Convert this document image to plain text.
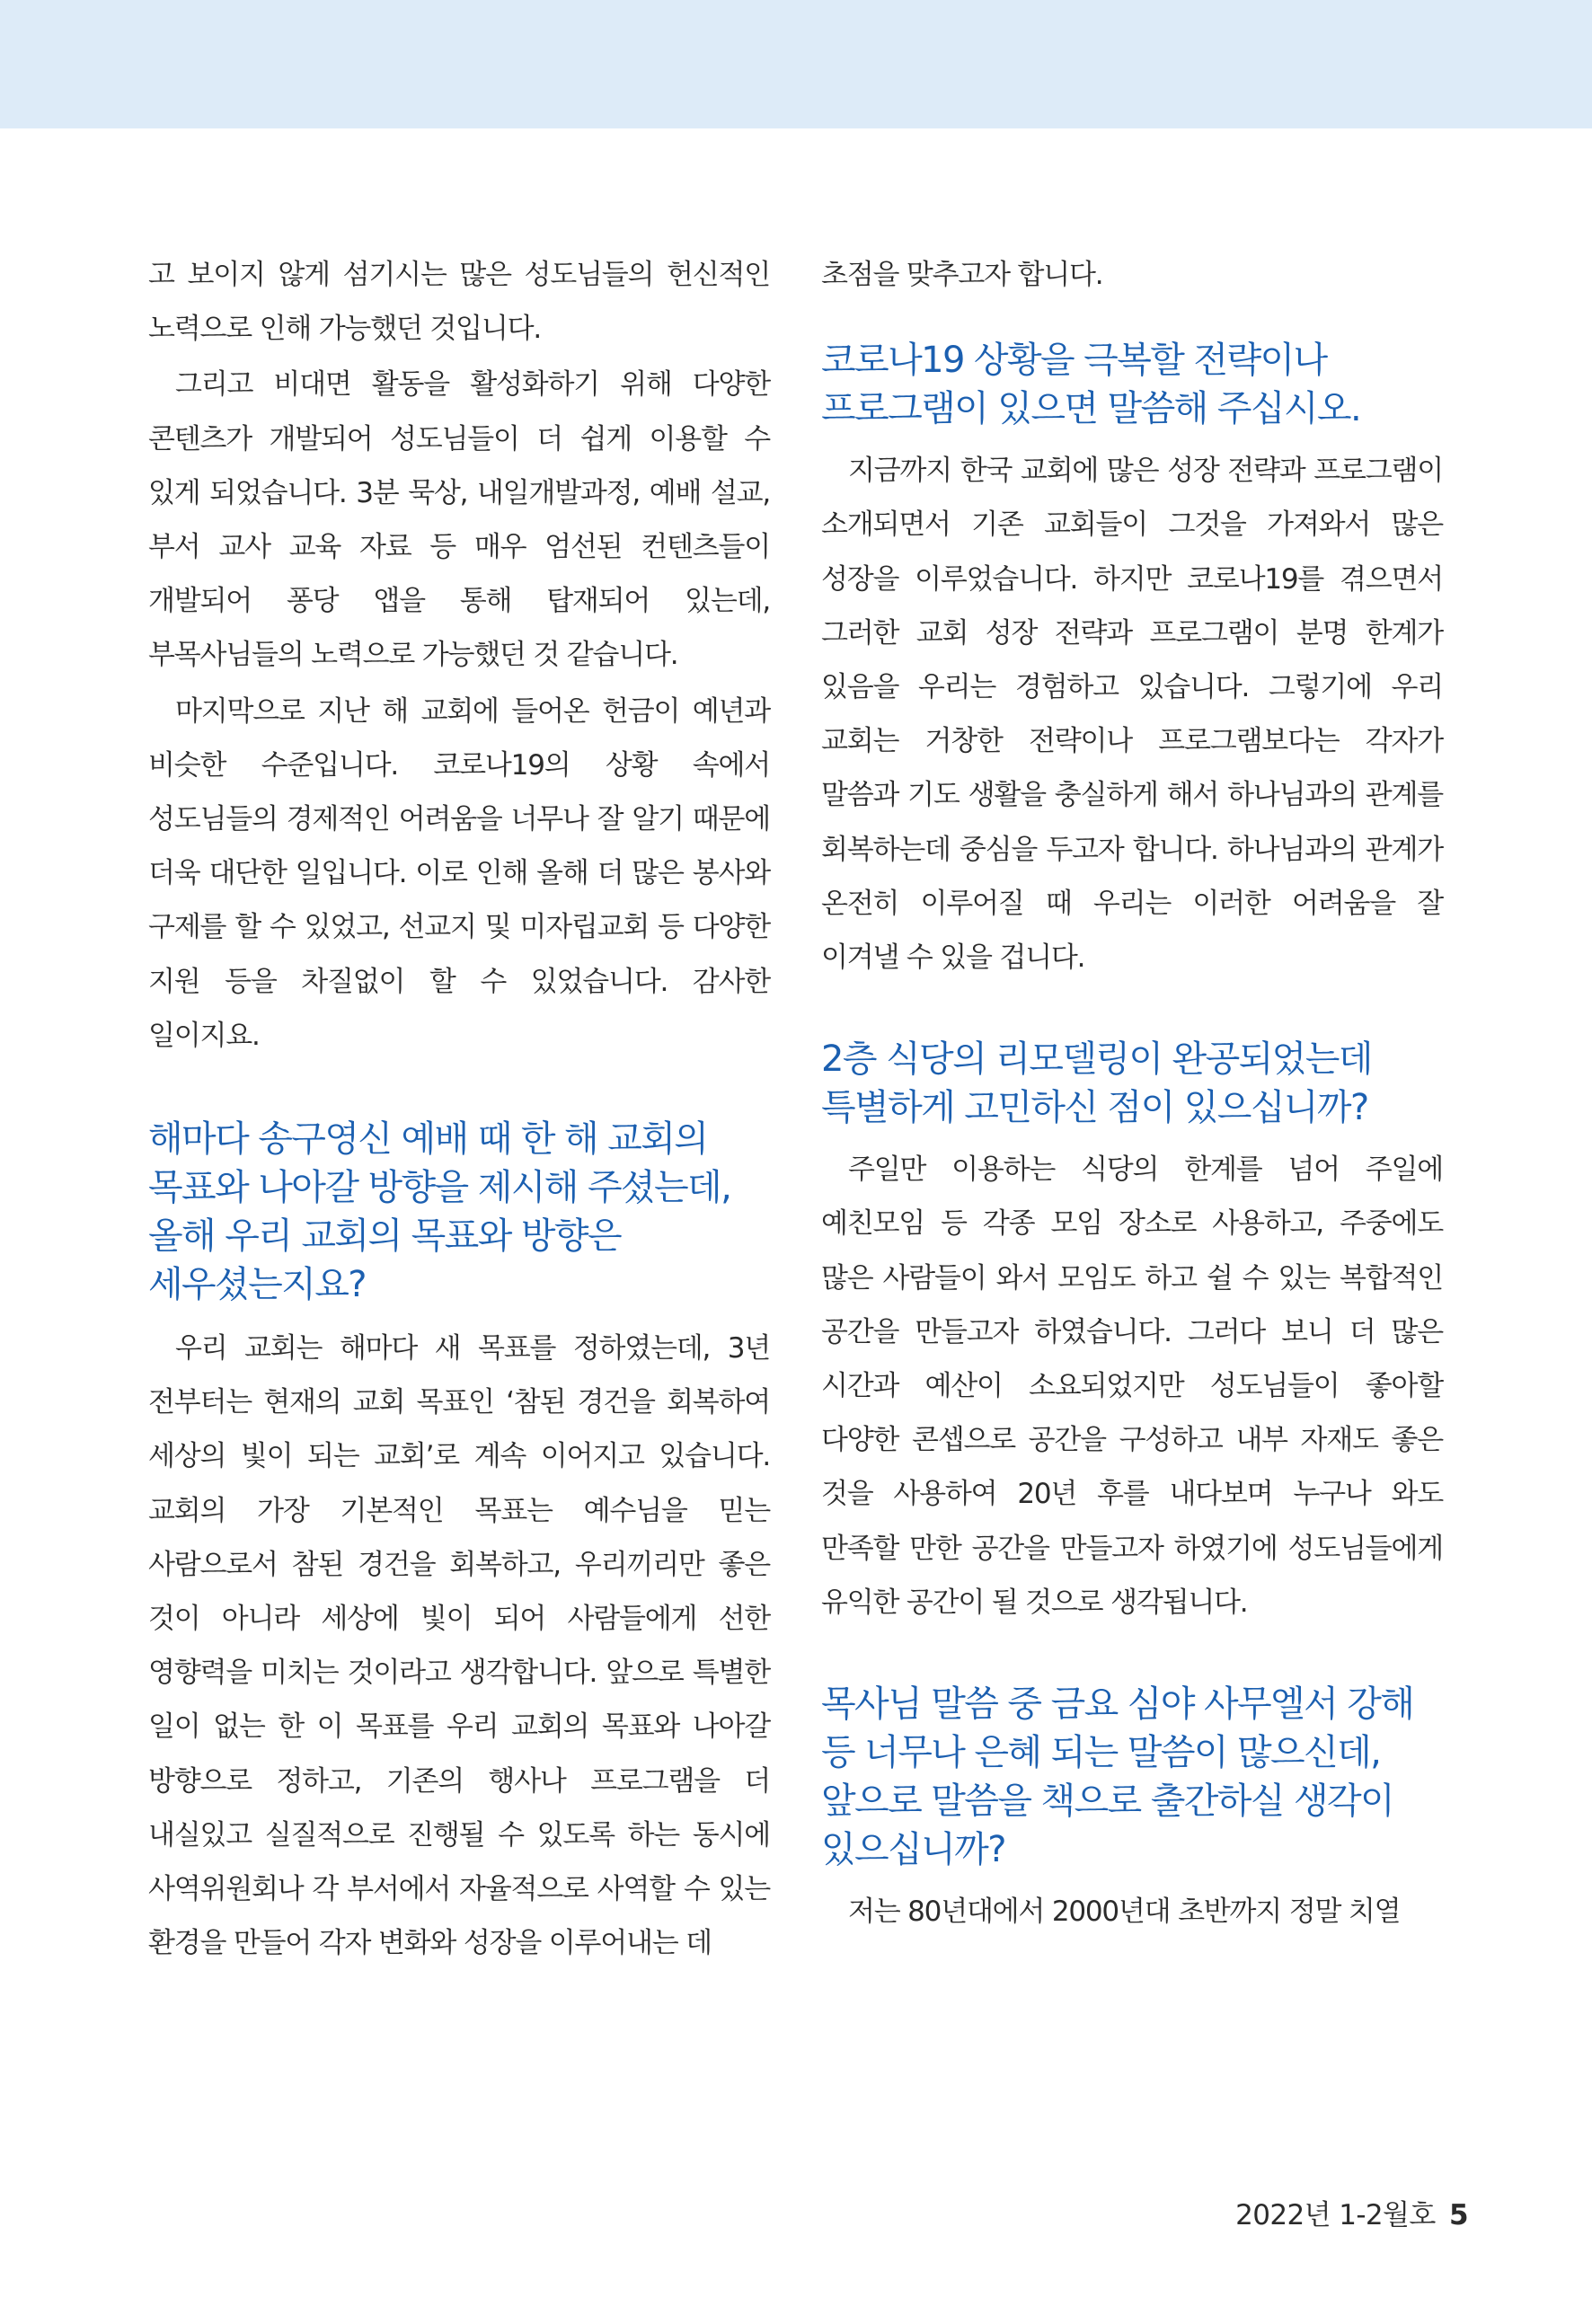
고 보이지 않게 섬기시는 많은 성도님들의 헌신적인 노력으로 인해 가능했던 것입니다.

그리고 비대면 활동을 활성화하기 위해 다양한 콘텐츠가 개발되어 성도님들이 더 쉽게 이용할 수 있게 되었습니다. 3분 묵상, 내일개발과정, 예배 설교, 부서 교사 교육 자료 등 매우 엄선된 컨텐츠들이 개발되어 퐁당 앱을 통해 탑재되어 있는데, 부목사님들의 노력으로 가능했던 것 같습니다.

마지막으로 지난 해 교회에 들어온 헌금이 예년과 비슷한 수준입니다. 코로나19의 상황 속에서 성도님들의 경제적인 어려움을 너무나 잘 알기 때문에 더욱 대단한 일입니다. 이로 인해 올해 더 많은 봉사와 구제를 할 수 있었고, 선교지 및 미자립교회 등 다양한 지원 등을 차질없이 할 수 있었습니다. 감사한 일이지요.

해마다 송구영신 예배 때 한 해 교회의 목표와 나아갈 방향을 제시해 주셨는데, 올해 우리 교회의 목표와 방향은 세우셨는지요?

우리 교회는 해마다 새 목표를 정하였는데, 3년 전부터는 현재의 교회 목표인 ‘참된 경건을 회복하여 세상의 빛이 되는 교회’로 계속 이어지고 있습니다. 교회의 가장 기본적인 목표는 예수님을 믿는 사람으로서 참된 경건을 회복하고, 우리끼리만 좋은 것이 아니라 세상에 빛이 되어 사람들에게 선한 영향력을 미치는 것이라고 생각합니다. 앞으로 특별한 일이 없는 한 이 목표를 우리 교회의 목표와 나아갈 방향으로 정하고, 기존의 행사나 프로그램을 더 내실있고 실질적으로 진행될 수 있도록 하는 동시에 사역위원회나 각 부서에서 자율적으로 사역할 수 있는 환경을 만들어 각자 변화와 성장을 이루어내는 데

초점을 맞추고자 합니다.

코로나19 상황을 극복할 전략이나 프로그램이 있으면 말씀해 주십시오.

지금까지 한국 교회에 많은 성장 전략과 프로그램이 소개되면서 기존 교회들이 그것을 가져와서 많은 성장을 이루었습니다. 하지만 코로나19를 겪으면서 그러한 교회 성장 전략과 프로그램이 분명 한계가 있음을 우리는 경험하고 있습니다. 그렇기에 우리 교회는 거창한 전략이나 프로그램보다는 각자가 말씀과 기도 생활을 충실하게 해서 하나님과의 관계를 회복하는데 중심을 두고자 합니다. 하나님과의 관계가 온전히 이루어질 때 우리는 이러한 어려움을 잘 이겨낼 수 있을 겁니다.

2층 식당의 리모델링이 완공되었는데 특별하게 고민하신 점이 있으십니까?

주일만 이용하는 식당의 한계를 넘어 주일에 예친모임 등 각종 모임 장소로 사용하고, 주중에도 많은 사람들이 와서 모임도 하고 쉴 수 있는 복합적인 공간을 만들고자 하였습니다. 그러다 보니 더 많은 시간과 예산이 소요되었지만 성도님들이 좋아할 다양한 콘셉으로 공간을 구성하고 내부 자재도 좋은 것을 사용하여 20년 후를 내다보며 누구나 와도 만족할 만한 공간을 만들고자 하였기에 성도님들에게 유익한 공간이 될 것으로 생각됩니다.

목사님 말씀 중 금요 심야 사무엘서 강해 등 너무나 은혜 되는 말씀이 많으신데, 앞으로 말씀을 책으로 출간하실 생각이 있으십니까?

저는 80년대에서 2000년대 초반까지 정말 치열

2022년 1-2월호 5
